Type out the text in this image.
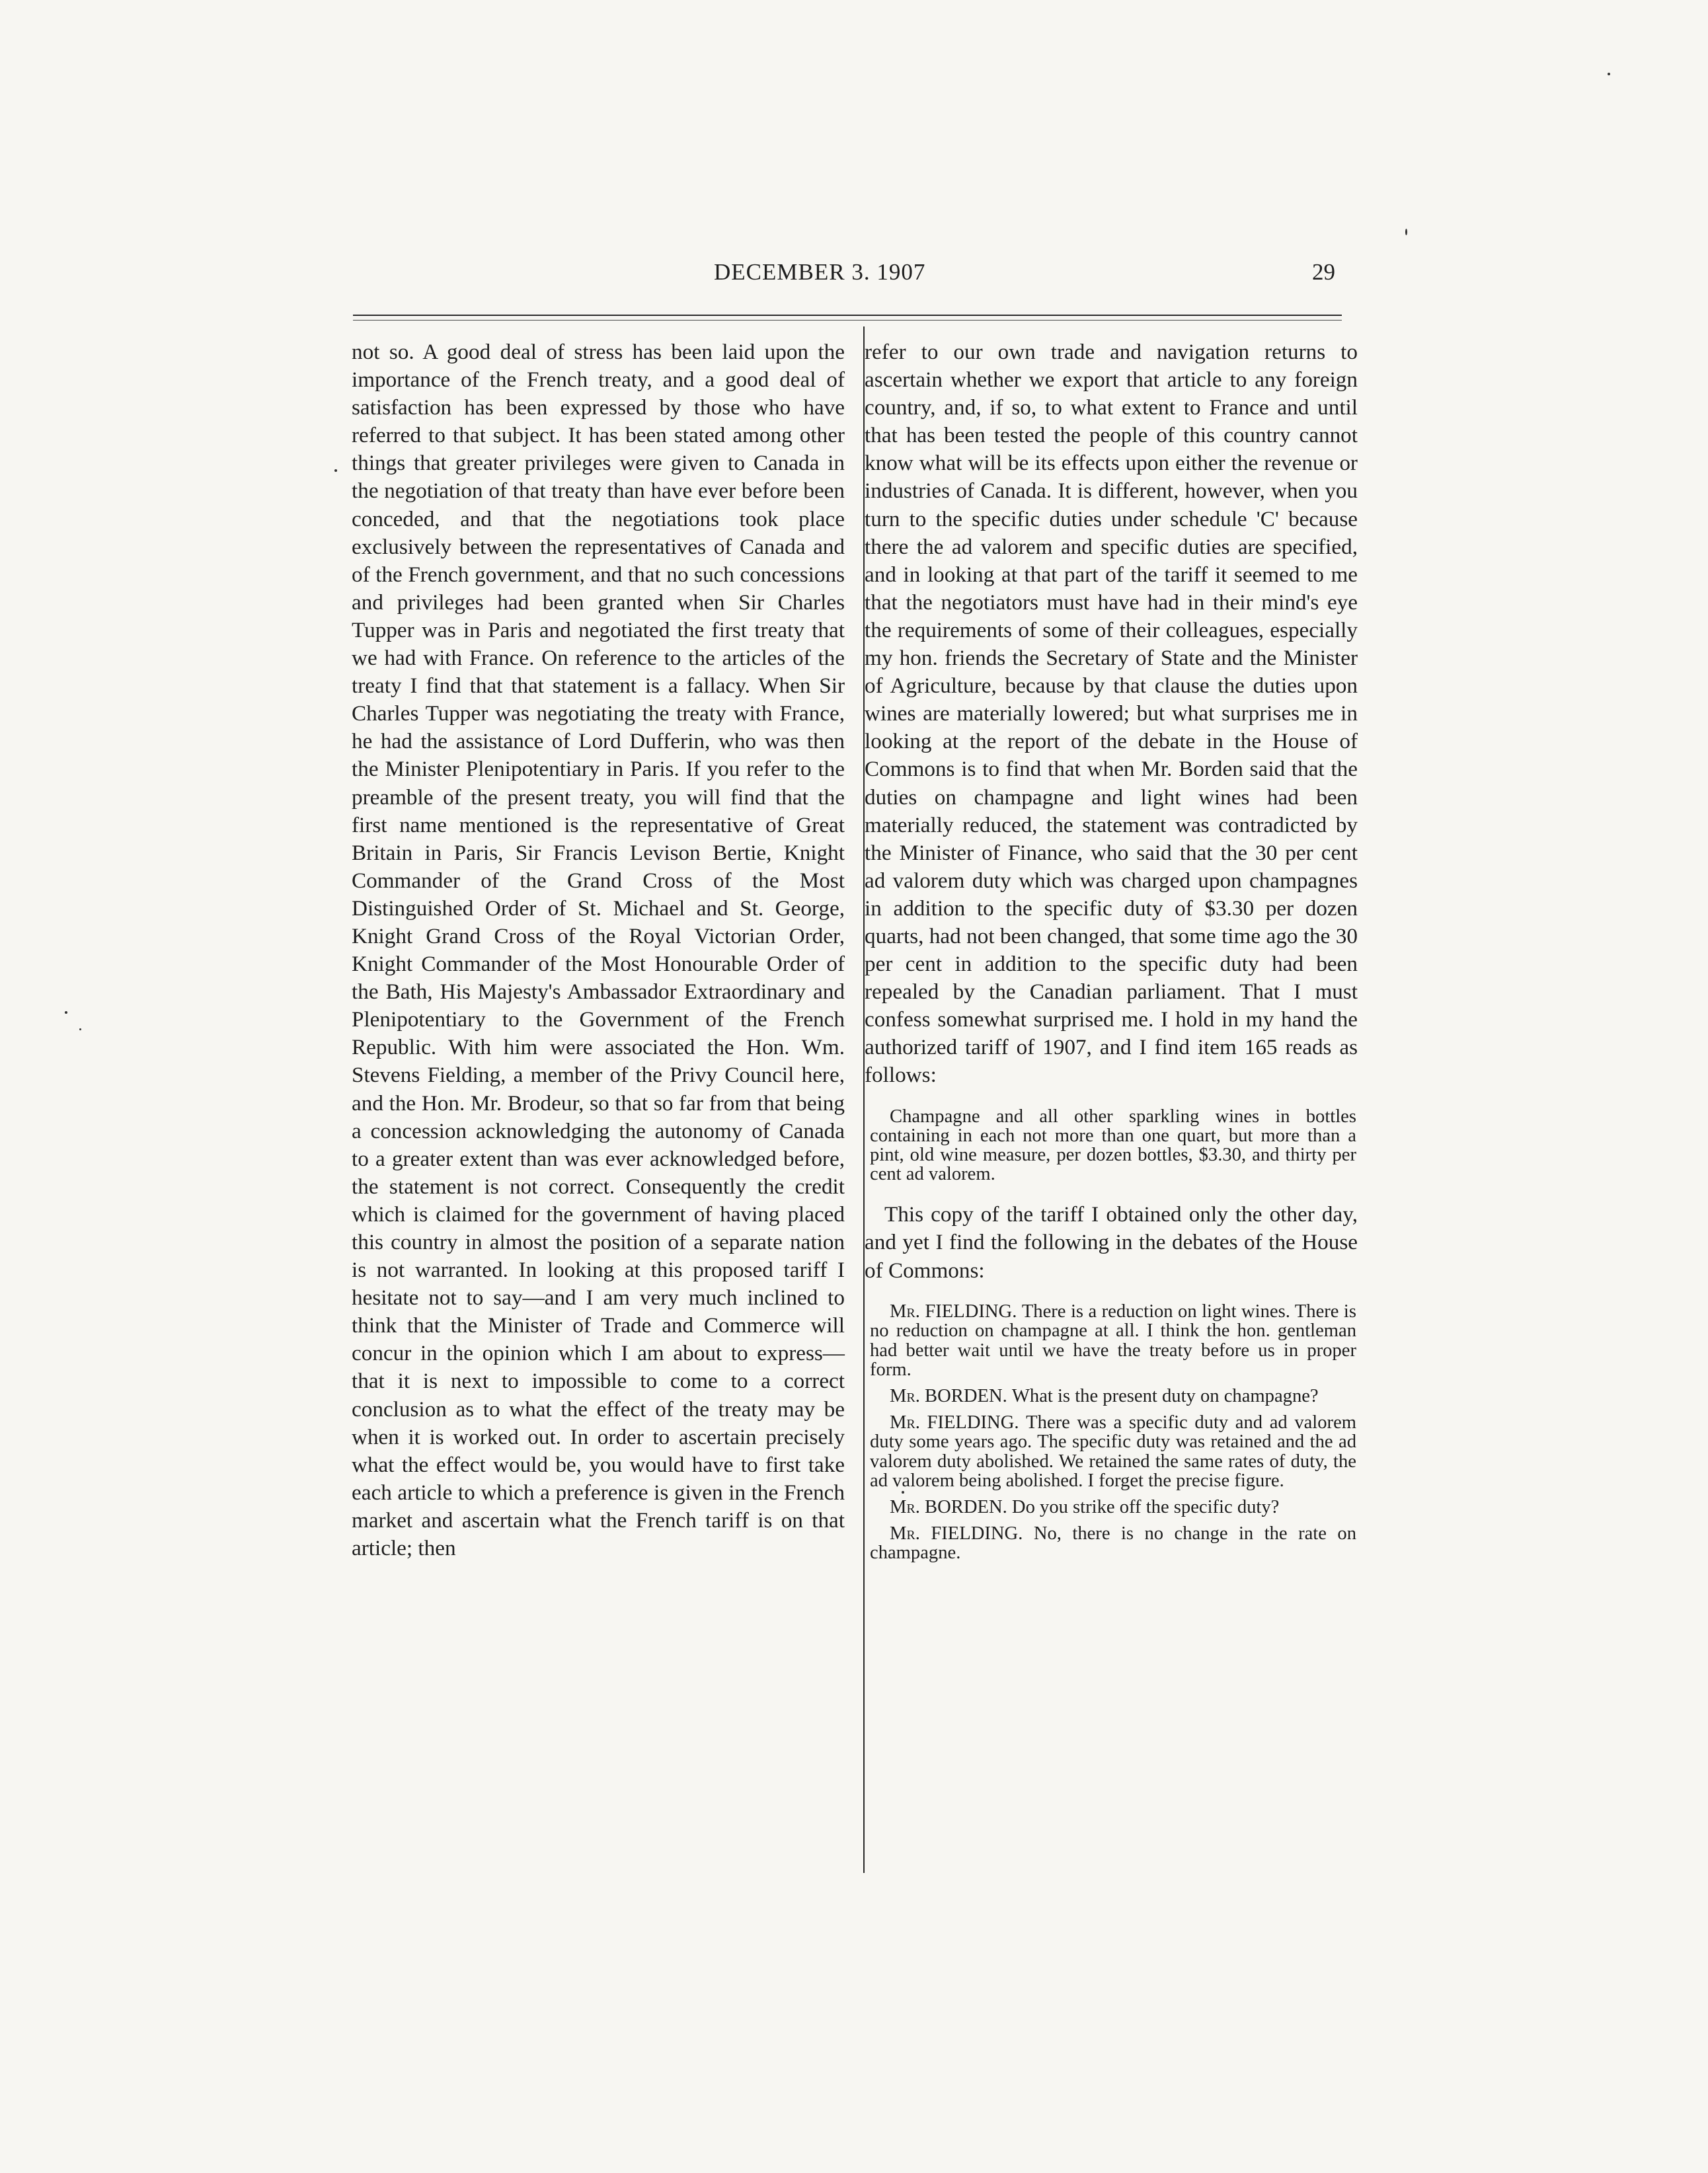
DECEMBER 3. 1907	29

not so. A good deal of stress has been laid upon the importance of the French treaty, and a good deal of satisfaction has been expressed by those who have referred to that subject. It has been stated among other things that greater privileges were given to Canada in the negotiation of that treaty than have ever before been conceded, and that the negotiations took place exclusively between the representatives of Canada and of the French government, and that no such concessions and privileges had been granted when Sir Charles Tupper was in Paris and negotiated the first treaty that we had with France. On reference to the articles of the treaty I find that that statement is a fallacy. When Sir Charles Tupper was negotiating the treaty with France, he had the assistance of Lord Dufferin, who was then the Minister Plenipotentiary in Paris. If you refer to the preamble of the present treaty, you will find that the first name mentioned is the representative of Great Britain in Paris, Sir Francis Levison Bertie, Knight Commander of the Grand Cross of the Most Distinguished Order of St. Michael and St. George, Knight Grand Cross of the Royal Victorian Order, Knight Commander of the Most Honourable Order of the Bath, His Majesty's Ambassador Extraordinary and Plenipotentiary to the Government of the French Republic. With him were associated the Hon. Wm. Stevens Fielding, a member of the Privy Council here, and the Hon. Mr. Brodeur, so that so far from that being a concession acknowledging the autonomy of Canada to a greater extent than was ever acknowledged before, the statement is not correct. Consequently the credit which is claimed for the government of having placed this country in almost the position of a separate nation is not warranted. In looking at this proposed tariff I hesitate not to say—and I am very much inclined to think that the Minister of Trade and Commerce will concur in the opinion which I am about to express—that it is next to impossible to come to a correct conclusion as to what the effect of the treaty may be when it is worked out. In order to ascertain precisely what the effect would be, you would have to first take each article to which a preference is given in the French market and ascertain what the French tariff is on that article; then

refer to our own trade and navigation returns to ascertain whether we export that article to any foreign country, and, if so, to what extent to France and until that has been tested the people of this country cannot know what will be its effects upon either the revenue or industries of Canada. It is different, however, when you turn to the specific duties under schedule 'C' because there the ad valorem and specific duties are specified, and in looking at that part of the tariff it seemed to me that the negotiators must have had in their mind's eye the requirements of some of their colleagues, especially my hon. friends the Secretary of State and the Minister of Agriculture, because by that clause the duties upon wines are materially lowered; but what surprises me in looking at the report of the debate in the House of Commons is to find that when Mr. Borden said that the duties on champagne and light wines had been materially reduced, the statement was contradicted by the Minister of Finance, who said that the 30 per cent ad valorem duty which was charged upon champagnes in addition to the specific duty of $3.30 per dozen quarts, had not been changed, that some time ago the 30 per cent in addition to the specific duty had been repealed by the Canadian parliament. That I must confess somewhat surprised me. I hold in my hand the authorized tariff of 1907, and I find item 165 reads as follows:

Champagne and all other sparkling wines in bottles containing in each not more than one quart, but more than a pint, old wine measure, per dozen bottles, $3.30, and thirty per cent ad valorem.

This copy of the tariff I obtained only the other day, and yet I find the following in the debates of the House of Commons:

Mr. FIELDING. There is a reduction on light wines. There is no reduction on champagne at all. I think the hon. gentleman had better wait until we have the treaty before us in proper form.
Mr. BORDEN. What is the present duty on champagne?
Mr. FIELDING. There was a specific duty and ad valorem duty some years ago. The specific duty was retained and the ad valorem duty abolished. We retained the same rates of duty, the ad valorem being abolished. I forget the precise figure.
Mr. BORDEN. Do you strike off the specific duty?
Mr. FIELDING. No, there is no change in the rate on champagne.
